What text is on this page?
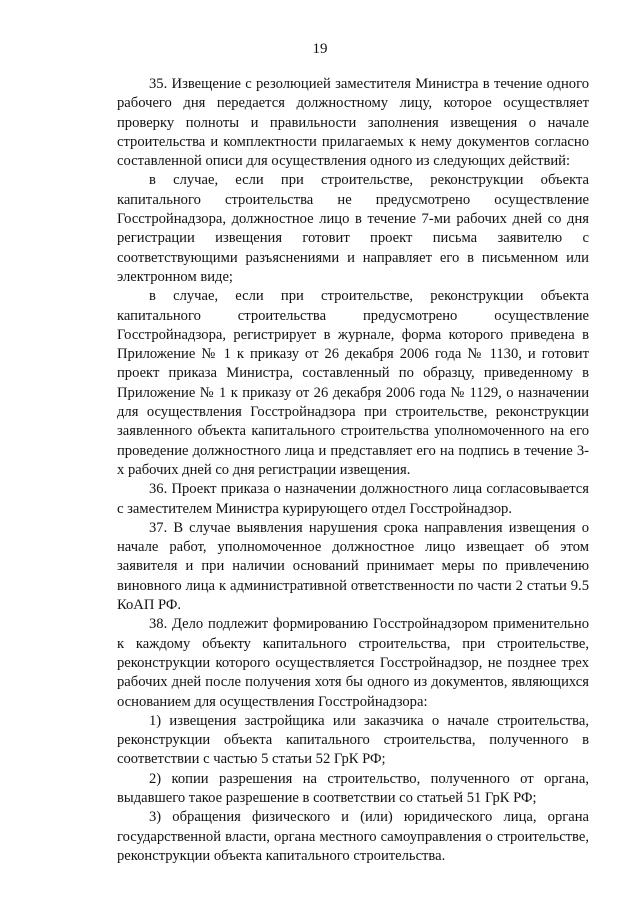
19

35. Извещение с резолюцией заместителя Министра в течение одного рабочего дня передается должностному лицу, которое осуществляет проверку полноты и правильности заполнения извещения о начале строительства и комплектности прилагаемых к нему документов согласно составленной описи для осуществления одного из следующих действий:

в случае, если при строительстве, реконструкции объекта капитального строительства не предусмотрено осуществление Госстройнадзора, должностное лицо в течение 7-ми рабочих дней со дня регистрации извещения готовит проект письма заявителю с соответствующими разъяснениями и направляет его в письменном или электронном виде;

в случае, если при строительстве, реконструкции объекта капитального строительства предусмотрено осуществление Госстройнадзора, регистрирует в журнале, форма которого приведена в Приложение № 1 к приказу от 26 декабря 2006 года № 1130, и готовит проект приказа Министра, составленный по образцу, приведенному в Приложение № 1 к приказу от 26 декабря 2006 года № 1129, о назначении для осуществления Госстройнадзора при строительстве, реконструкции заявленного объекта капитального строительства уполномоченного на его проведение должностного лица и представляет его на подпись в течение 3-х рабочих дней со дня регистрации извещения.

36. Проект приказа о назначении должностного лица согласовывается с заместителем Министра курирующего отдел Госстройнадзор.

37. В случае выявления нарушения срока направления извещения о начале работ, уполномоченное должностное лицо извещает об этом заявителя и при наличии оснований принимает меры по привлечению виновного лица к административной ответственности по части 2 статьи 9.5 КоАП РФ.

38. Дело подлежит формированию Госстройнадзором применительно к каждому объекту капитального строительства, при строительстве, реконструкции которого осуществляется Госстройнадзор, не позднее трех рабочих дней после получения хотя бы одного из документов, являющихся основанием для осуществления Госстройнадзора:

1) извещения застройщика или заказчика о начале строительства, реконструкции объекта капитального строительства, полученного в соответствии с частью 5 статьи 52 ГрК РФ;

2) копии разрешения на строительство, полученного от органа, выдавшего такое разрешение в соответствии со статьей 51 ГрК РФ;

3) обращения физического и (или) юридического лица, органа государственной власти, органа местного самоуправления о строительстве, реконструкции объекта капитального строительства.
